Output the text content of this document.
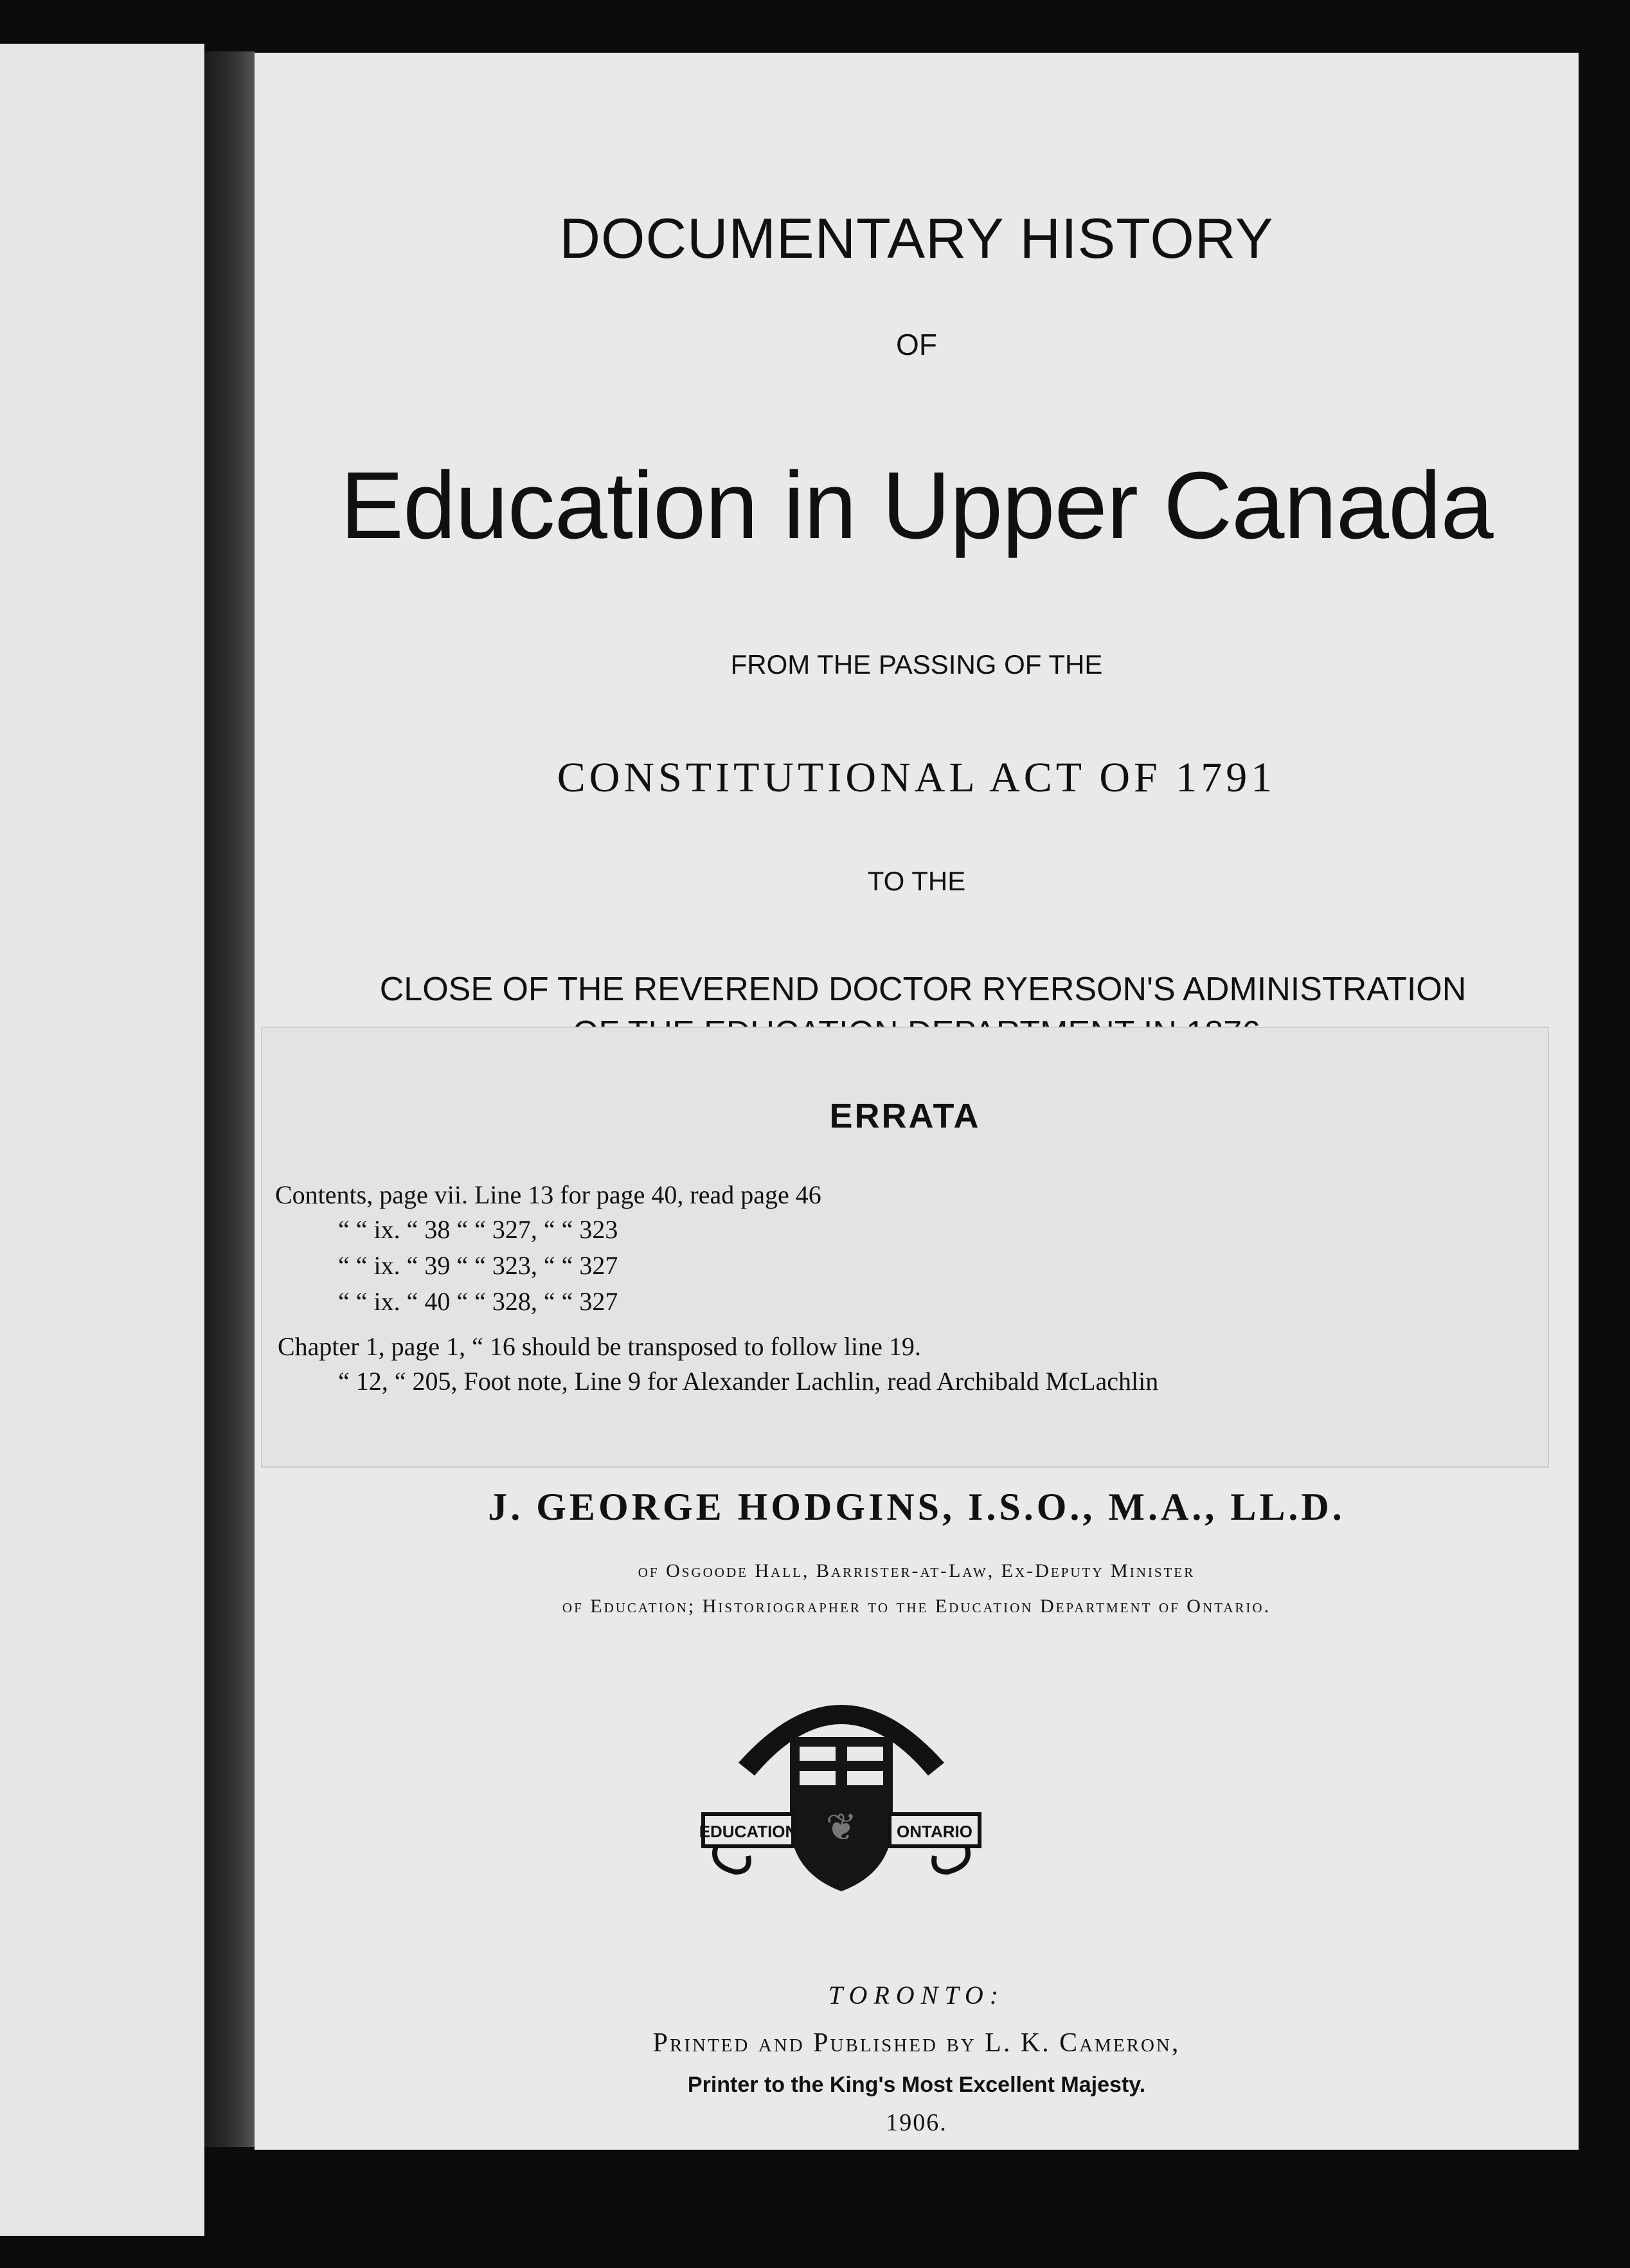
DOCUMENTARY HISTORY
OF
Education in Upper Canada
FROM THE PASSING OF THE
CONSTITUTIONAL ACT OF 1791
TO THE
CLOSE OF THE REVEREND DOCTOR RYERSON'S ADMINISTRATION
ERRATA
Contents, page vii. Line 13 for page 40, read page 46
“ “ ix. “ 38 “ “ 327, “ “ 323
“ “ ix. “ 39 “ “ 323, “ “ 327
“ “ ix. “ 40 “ “ 328, “ “ 327
Chapter 1, page 1, “ 16 should be transposed to follow line 19.
“ 12, “ 205, Foot note, Line 9 for Alexander Lachlin, read Archibald McLachlin
J. GEORGE HODGINS, I.S.O., M.A., LL.D.
of Osgoode Hall, Barrister-at-Law, Ex-Deputy Minister
of Education; Historiographer to the Education Department of Ontario.
DEPARTMENT
❦
EDUCATION	ONTARIO
TORONTO:
Printed and Published by L. K. Cameron,
Printer to the King's Most Excellent Majesty.
1906.
